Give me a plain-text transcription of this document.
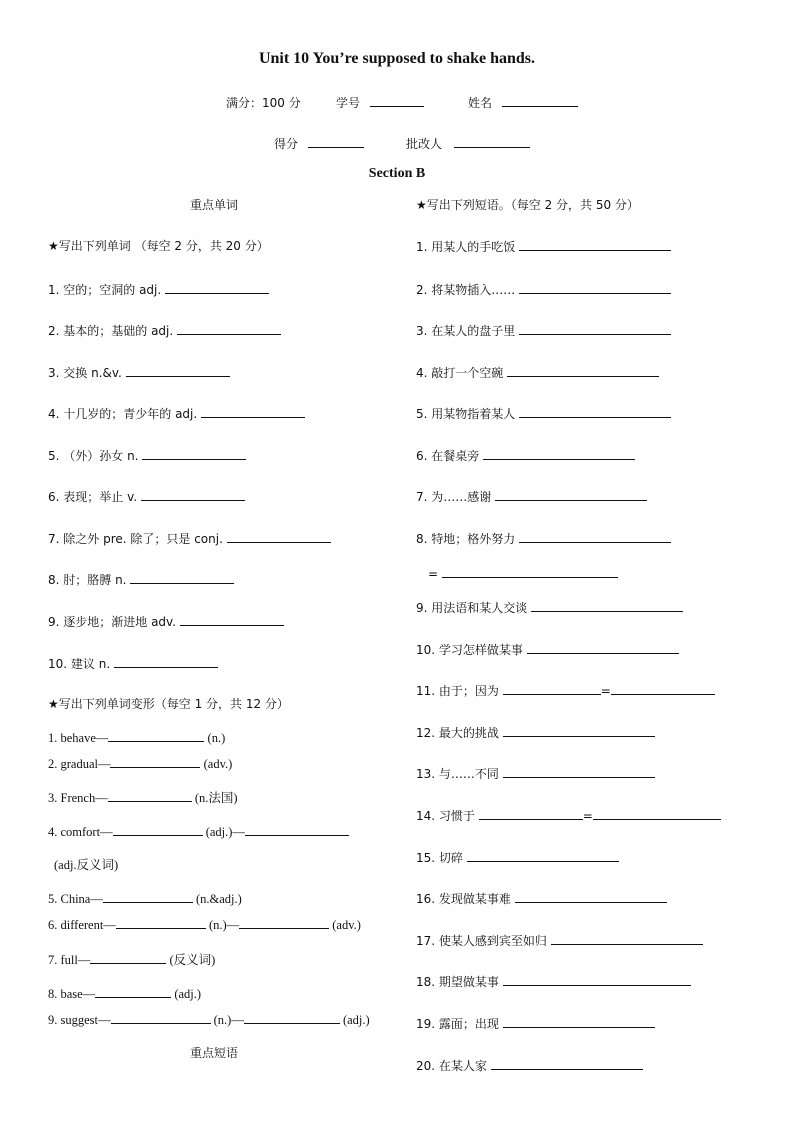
Unit 10 You’re supposed to shake hands.
满分：100 分	学号	姓名
得分	批改人
Section B
重点单词
★写出下列单词 （每空 2 分，共 20 分）
1. 空的；空洞的 adj.
2. 基本的；基础的 adj.
3. 交换 n.&v.
4. 十几岁的；青少年的 adj.
5. （外）孙女 n.
6. 表现；举止 v.
7. 除之外 pre. 除了；只是 conj.
8. 肘；胳膊 n.
9. 逐步地；渐进地 adv.
10. 建议 n.
★写出下列单词变形（每空 1 分，共 12 分）
1. behave—	(n.)
2. gradual—	(adv.)
3. French—	(n.法国)
4. comfort—	(adj.)—
(adj.反义词)
5. China—	(n.&adj.)
6. different—	(n.)—	(adv.)
7. full—	(反义词)
8. base—	(adj.)
9. suggest—	(n.)—	(adj.)
重点短语
★写出下列短语。（每空 2 分，共 50 分）
1. 用某人的手吃饭
2. 将某物插入……
3. 在某人的盘子里
4. 敲打一个空碗
5. 用某物指着某人
6. 在餐桌旁
7. 为……感谢
8. 特地；格外努力
=
9. 用法语和某人交谈
10. 学习怎样做某事
11. 由于；因为	=
12. 最大的挑战
13. 与……不同
14. 习惯于	=
15. 切碎
16. 发现做某事难
17. 使某人感到宾至如归
18. 期望做某事
19. 露面；出现
20. 在某人家
